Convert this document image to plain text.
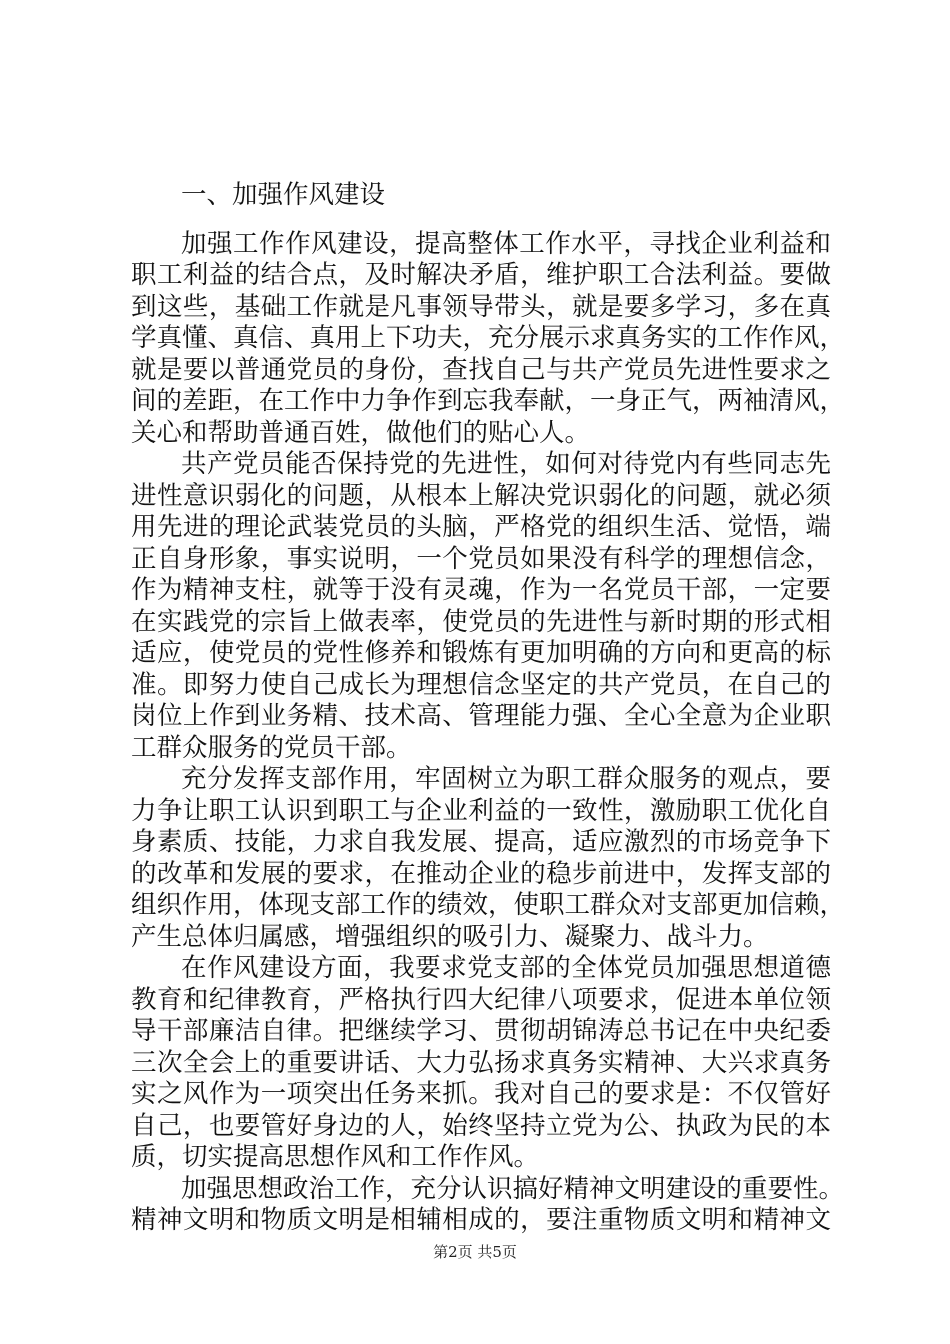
一、加强作风建设
加强工作作风建设，提高整体工作水平，寻找企业利益和
职工利益的结合点，及时解决矛盾，维护职工合法利益。要做
到这些，基础工作就是凡事领导带头，就是要多学习，多在真
学真懂、真信、真用上下功夫，充分展示求真务实的工作作风，
就是要以普通党员的身份，查找自己与共产党员先进性要求之
间的差距，在工作中力争作到忘我奉献，一身正气，两袖清风，
关心和帮助普通百姓，做他们的贴心人。
共产党员能否保持党的先进性，如何对待党内有些同志先
进性意识弱化的问题，从根本上解决党识弱化的问题，就必须
用先进的理论武装党员的头脑，严格党的组织生活、觉悟，端
正自身形象，事实说明，一个党员如果没有科学的理想信念，
作为精神支柱，就等于没有灵魂，作为一名党员干部，一定要
在实践党的宗旨上做表率，使党员的先进性与新时期的形式相
适应，使党员的党性修养和锻炼有更加明确的方向和更高的标
准。即努力使自己成长为理想信念坚定的共产党员，在自己的
岗位上作到业务精、技术高、管理能力强、全心全意为企业职
工群众服务的党员干部。
充分发挥支部作用，牢固树立为职工群众服务的观点，要
力争让职工认识到职工与企业利益的一致性，激励职工优化自
身素质、技能，力求自我发展、提高，适应激烈的市场竞争下
的改革和发展的要求，在推动企业的稳步前进中，发挥支部的
组织作用，体现支部工作的绩效，使职工群众对支部更加信赖，
产生总体归属感，增强组织的吸引力、凝聚力、战斗力。
在作风建设方面，我要求党支部的全体党员加强思想道德
教育和纪律教育，严格执行四大纪律八项要求，促进本单位领
导干部廉洁自律。把继续学习、贯彻胡锦涛总书记在中央纪委
三次全会上的重要讲话、大力弘扬求真务实精神、大兴求真务
实之风作为一项突出任务来抓。我对自己的要求是：不仅管好
自己，也要管好身边的人，始终坚持立党为公、执政为民的本
质，切实提高思想作风和工作作风。
加强思想政治工作，充分认识搞好精神文明建设的重要性。
精神文明和物质文明是相辅相成的，要注重物质文明和精神文
第2页 共5页
